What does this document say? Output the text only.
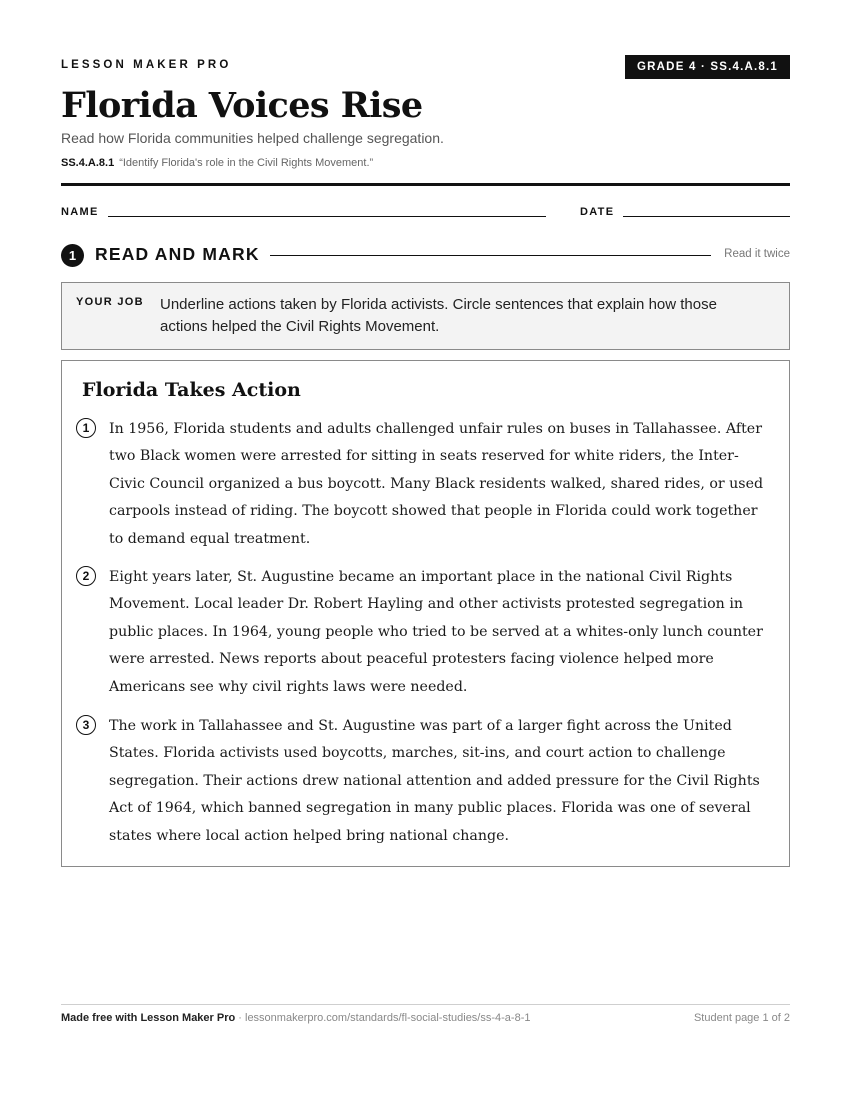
LESSON MAKER PRO	GRADE 4 · SS.4.A.8.1
Florida Voices Rise
Read how Florida communities helped challenge segregation.
SS.4.A.8.1 “Identify Florida's role in the Civil Rights Movement.”
NAME	DATE
1	READ AND MARK	Read it twice
YOUR JOB Underline actions taken by Florida activists. Circle sentences that explain how those actions helped the Civil Rights Movement.
Florida Takes Action
1	In 1956, Florida students and adults challenged unfair rules on buses in Tallahassee. After two Black women were arrested for sitting in seats reserved for white riders, the Inter-Civic Council organized a bus boycott. Many Black residents walked, shared rides, or used carpools instead of riding. The boycott showed that people in Florida could work together to demand equal treatment.
2	Eight years later, St. Augustine became an important place in the national Civil Rights Movement. Local leader Dr. Robert Hayling and other activists protested segregation in public places. In 1964, young people who tried to be served at a whites-only lunch counter were arrested. News reports about peaceful protesters facing violence helped more Americans see why civil rights laws were needed.
3	The work in Tallahassee and St. Augustine was part of a larger fight across the United States. Florida activists used boycotts, marches, sit-ins, and court action to challenge segregation. Their actions drew national attention and added pressure for the Civil Rights Act of 1964, which banned segregation in many public places. Florida was one of several states where local action helped bring national change.
Made free with Lesson Maker Pro · lessonmakerpro.com/standards/fl-social-studies/ss-4-a-8-1	Student page 1 of 2
